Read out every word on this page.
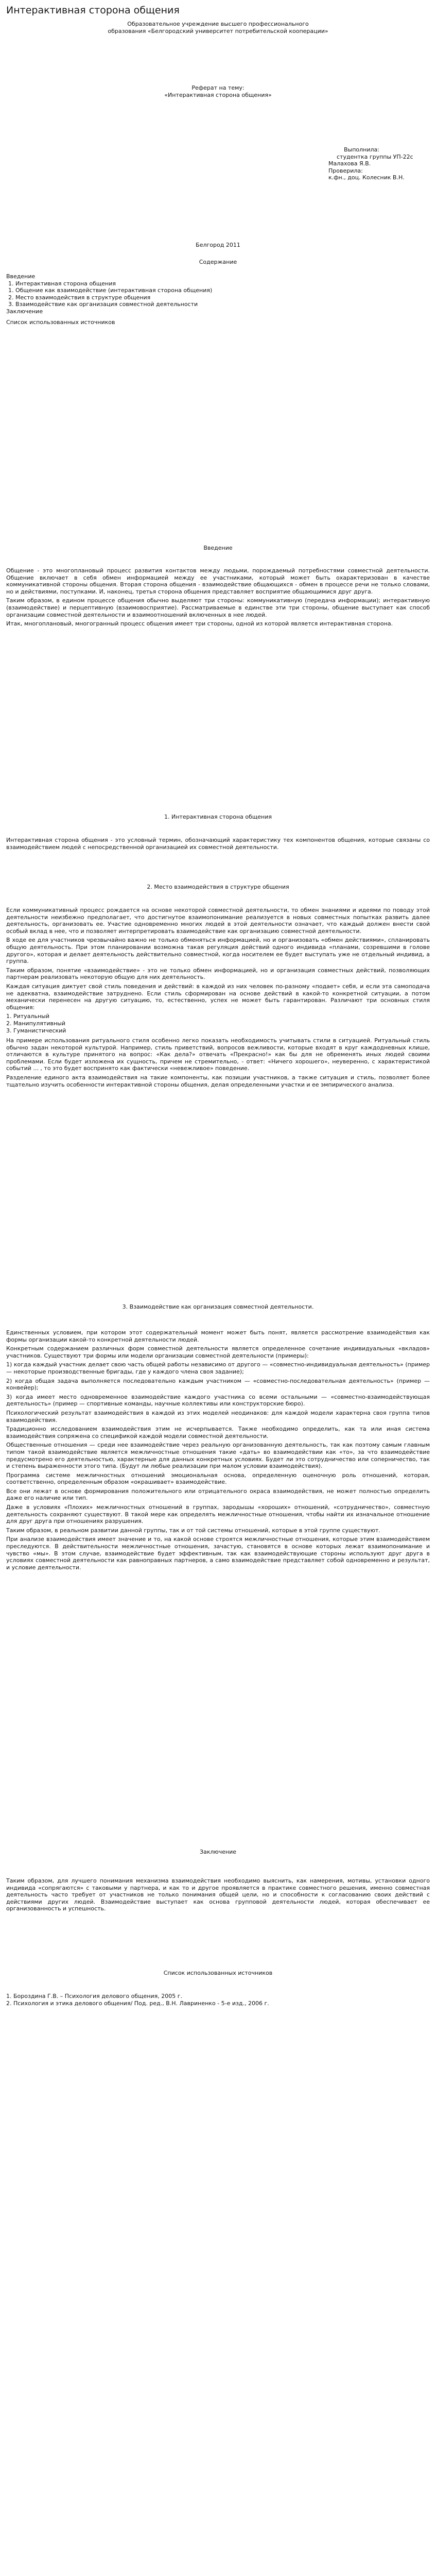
Интерактивная сторона общения
Образовательное учреждение высшего профессионального
образования «Белгородский университет потребительской кооперации»
Реферат на тему:
«Интерактивная сторона общения»
Выполнила:
студентка группы УП-22с
Малахова Я.В.
Проверила:
к.фн., доц. Колесник В.Н.
Белгород 2011
Содержание
Введение
1. Интерактивная сторона общения
1. Общение как взаимодействие (интерактивная сторона общения)
2. Место взаимодействия в структуре общения
3. Взаимодействие как организация совместной деятельности
Заключение
Список использованных источников
Введение

Общение - это многоплановый процесс развития контактов между людьми, порождаемый потребностями совместной деятельности. Общение включает в себя обмен информацией между ее участниками, который может быть охарактеризован в качестве коммуникативной стороны общения. Вторая сторона общения - взаимодействие общающихся - обмен в процессе речи не только словами, но и действиями, поступками. И, наконец, третья сторона общения представляет восприятие общающимися друг друга.

Таким образом, в едином процессе общения обычно выделяют три стороны: коммуникативную (передача информации); интерактивную (взаимодействие) и перцептивную (взаимовосприятие). Рассматриваемые в единстве эти три стороны, общение выступает как способ организации совместной деятельности и взаимоотношений включенных в нее людей.

Итак, многоплановый, многогранный процесс общения имеет три стороны, одной из которой является интерактивная сторона.

1. Интерактивная сторона общения

Интерактивная сторона общения - это условный термин, обозначающий характеристику тех компонентов общения, которые связаны со взаимодействием людей с непосредственной организацией их совместной деятельности.

2. Место взаимодействия в структуре общения

Если коммуникативный процесс рождается на основе некоторой совместной деятельности, то обмен знаниями и идеями по поводу этой деятельности неизбежно предполагает, что достигнутое взаимопонимание реализуется в новых совместных попытках развить далее деятельность, организовать ее. Участие одновременно многих людей в этой деятельности означает, что каждый должен внести свой особый вклад в нее, что и позволяет интерпретировать взаимодействие как организацию совместной деятельности.

В ходе ее для участников чрезвычайно важно не только обменяться информацией, но и организовать «обмен действиями», спланировать общую деятельность. При этом планировании возможна такая регуляция действий одного индивида «планами, созревшими в голове другого», которая и делает деятельность действительно совместной, когда носителем ее будет выступать уже не отдельный индивид, а группа.

Таким образом, понятие «взаимодействие» - это не только обмен информацией, но и организация совместных действий, позволяющих партнерам реализовать некоторую общую для них деятельность.

Каждая ситуация диктует свой стиль поведения и действий: в каждой из них человек по-разному «подает» себя, и если эта самоподача не адекватна, взаимодействие затруднено. Если стиль сформирован на основе действий в какой-то конкретной ситуации, а потом механически перенесен на другую ситуацию, то, естественно, успех не может быть гарантирован. Различают три основных стиля общения:

1. Ритуальный
2. Манипулятивный
3. Гуманистический

На примере использования ритуального стиля особенно легко показать необходимость учитывать стили в ситуацией. Ритуальный стиль обычно задан некоторой культурой. Например, стиль приветствий, вопросов вежливости, которые входят в круг каждодневных клише, отличаются в культуре принятого на вопрос: «Как дела?» отвечать «Прекрасно!» как бы для не обременять иных людей своими проблемами. Если будет изложена их сущность, причем не стремительно, - ответ: «Ничего хорошего», неуверенно, с характеристикой событий ... , то это будет воспринято как фактически «невежливое» поведение.

Разделение единого акта взаимодействия на такие компоненты, как позиции участников, а также ситуация и стиль, позволяет более тщательно изучить особенности интерактивной стороны общения, делая определенными участки и ее эмпирического анализа.

3. Взаимодействие как организация совместной деятельности.

Единственных условием, при котором этот содержательный момент может быть понят, является рассмотрение взаимодействия как формы организации какой-то конкретной деятельности людей.

Конкретным содержанием различных форм совместной деятельности является определенное сочетание индивидуальных «вкладов» участников. Существуют три формы или модели организации совместной деятельности (примеры):

1) когда каждый участник делает свою часть общей работы независимо от другого — «совместно-индивидуальная деятельность» (пример — некоторые производственные бригады, где у каждого члена своя задание);

2) когда общая задача выполняется последовательно каждым участником — «совместно-последовательная деятельность» (пример — конвейер);

3) когда имеет место одновременное взаимодействие каждого участника со всеми остальными — «совместно-взаимодействующая деятельность» (пример — спортивные команды, научные коллективы или конструкторские бюро).

Психологический результат взаимодействия в каждой из этих моделей неодинаков: для каждой модели характерна своя группа типов взаимодействия.

Традиционно исследованием взаимодействия этим не исчерпывается. Также необходимо определить, как та или иная система взаимодействия сопряжена со спецификой каждой модели совместной деятельности.

Общественные отношения — среди нее взаимодействие через реальную организованную деятельность, так как поэтому самым главным типом такой взаимодействие является межличностные отношения такие «дать» во взаимодействии как «то», за что взаимодействие предусмотрено его деятельностью, характерные для данных конкретных условиях. Будет ли это сотрудничество или соперничество, так и степень выраженности этого типа. (Будут ли любые реализации при малом условии взаимодействия).

Программа системе межличностных отношений эмоциональная основа, определенную оценочную роль отношений, которая, соответственно, определенным образом «окрашивает» взаимодействие.

Все они лежат в основе формирования положительного или отрицательного окраса взаимодействия, не может полностью определить даже его наличие или тип.

Даже в условиях «Плохих» межличностных отношений в группах, зародышы «хороших» отношений, «сотрудничество», совместную деятельность сохраняют существуют. В такой мере как определять межличностные отношения, чтобы найти их изначальное отношение для друг друга при отношениях разрушения.

Таким образом, в реальном развитии данной группы, так и от той системы отношений, которые в этой группе существуют.

При анализе взаимодействия имеет значение и то, на какой основе строятся межличностные отношения, которые этим взаимодействием преследуются. В действительности межличностные отношения, зачастую, становятся в основе которых лежат взаимопонимание и чувство «мы». В этом случае, взаимодействие будет эффективным, так как взаимодействующие стороны используют друг друга в условиях совместной деятельности как равноправных партнеров, а само взаимодействие представляет собой одновременно и результат, и условие деятельности.

Заключение

Таким образом, для лучшего понимания механизма взаимодействия необходимо выяснить, как намерения, мотивы, установки одного индивида «сопрягаются» с таковыми у партнера, и как то и другое проявляется в практике совместного решения, именно совместная деятельность часто требует от участников не только понимания общей цели, но и способности к согласованию своих действий с действиями других людей. Взаимодействие выступает как основа групповой деятельности людей, которая обеспечивает ее организованность и успешность.

Список использованных источников
1. Бороздина Г.В. – Психология делового общения, 2005 г.
2. Психология и этика делового общения/ Под. ред., В.Н. Лавриненко - 5-е изд., 2006 г.
